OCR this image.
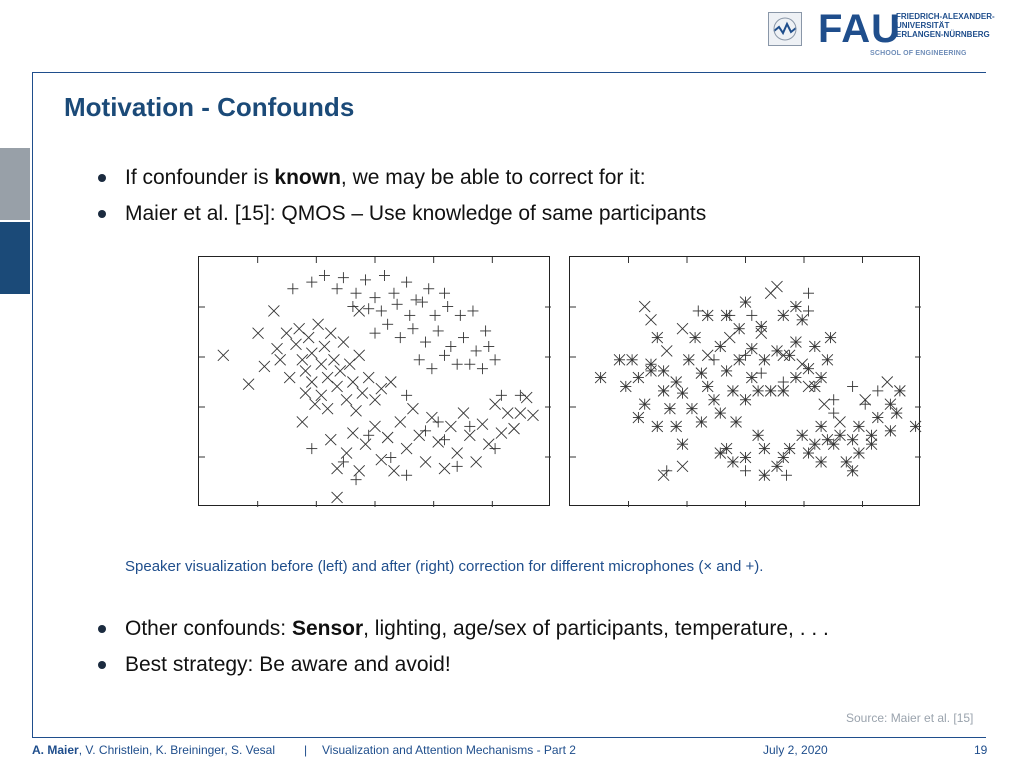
FAU
FRIEDRICH-ALEXANDER-
UNIVERSITÄT
ERLANGEN-NÜRNBERG
SCHOOL OF ENGINEERING
Motivation - Confounds
If confounder is known, we may be able to correct for it:
Maier et al. [15]: QMOS – Use knowledge of same participants
Speaker visualization before (left) and after (right) correction for different microphones (× and +).
Other confounds: Sensor, lighting, age/sex of participants, temperature, . . .
Best strategy: Be aware and avoid!
Source: Maier et al. [15]
A. Maier, V. Christlein, K. Breininger, S. Vesal | Visualization and Attention Mechanisms - Part 2	July 2, 2020	19
